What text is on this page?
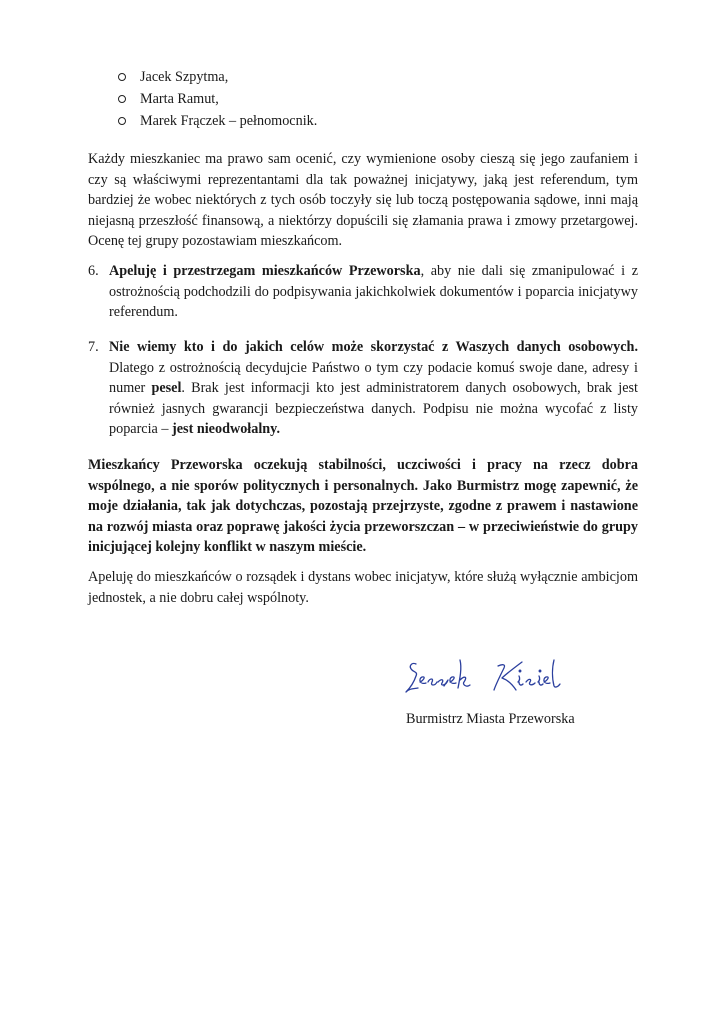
Jacek Szpytma,
Marta Ramut,
Marek Frączek – pełnomocnik.

Każdy mieszkaniec ma prawo sam ocenić, czy wymienione osoby cieszą się jego zaufaniem i czy są właściwymi reprezentantami dla tak poważnej inicjatywy, jaką jest referendum, tym bardziej że wobec niektórych z tych osób toczyły się lub toczą postępowania sądowe, inni mają niejasną przeszłość finansową, a niektórzy dopuścili się złamania prawa i zmowy przetargowej. Ocenę tej grupy pozostawiam mieszkańcom.

6. Apeluję i przestrzegam mieszkańców Przeworska, aby nie dali się zmanipulować i z ostrożnością podchodzili do podpisywania jakichkolwiek dokumentów i poparcia inicjatywy referendum.

7. Nie wiemy kto i do jakich celów może skorzystać z Waszych danych osobowych. Dlatego z ostrożnością decydujcie Państwo o tym czy podacie komuś swoje dane, adresy i numer pesel. Brak jest informacji kto jest administratorem danych osobowych, brak jest również jasnych gwarancji bezpieczeństwa danych. Podpisu nie można wycofać z listy poparcia – jest nieodwołalny.

Mieszkańcy Przeworska oczekują stabilności, uczciwości i pracy na rzecz dobra wspólnego, a nie sporów politycznych i personalnych. Jako Burmistrz mogę zapewnić, że moje działania, tak jak dotychczas, pozostają przejrzyste, zgodne z prawem i nastawione na rozwój miasta oraz poprawę jakości życia przeworszczan – w przeciwieństwie do grupy inicjującej kolejny konflikt w naszym mieście.

Apeluję do mieszkańców o rozsądek i dystans wobec inicjatyw, które służą wyłącznie ambicjom jednostek, a nie dobru całej wspólnoty.

Burmistrz Miasta Przeworska
